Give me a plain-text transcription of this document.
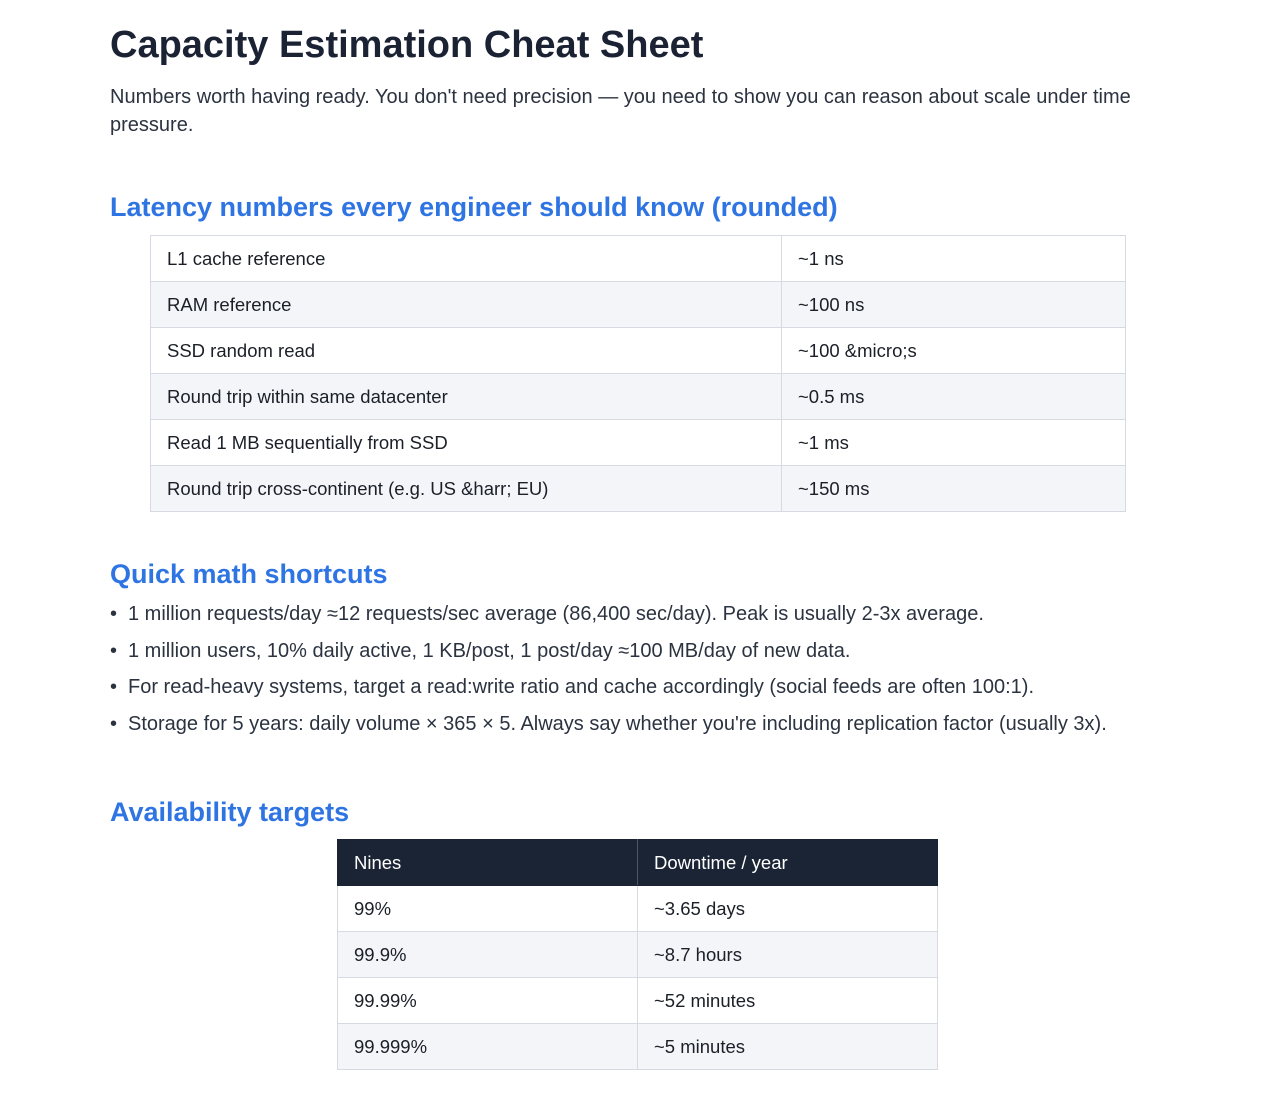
Capacity Estimation Cheat Sheet

Numbers worth having ready. You don't need precision — you need to show you can reason about scale under time pressure.

Latency numbers every engineer should know (rounded)
L1 cache reference	~1 ns
RAM reference	~100 ns
SSD random read	~100 &micro;s
Round trip within same datacenter	~0.5 ms
Read 1 MB sequentially from SSD	~1 ms
Round trip cross-continent (e.g. US &harr; EU)	~150 ms
Quick math shortcuts
• 1 million requests/day ≈12 requests/sec average (86,400 sec/day). Peak is usually 2-3x average.
• 1 million users, 10% daily active, 1 KB/post, 1 post/day ≈100 MB/day of new data.
• For read-heavy systems, target a read:write ratio and cache accordingly (social feeds are often 100:1).
• Storage for 5 years: daily volume × 365 × 5. Always say whether you're including replication factor (usually 3x).
Availability targets
Nines	Downtime / year
99%	~3.65 days
99.9%	~8.7 hours
99.99%	~52 minutes
99.999%	~5 minutes
